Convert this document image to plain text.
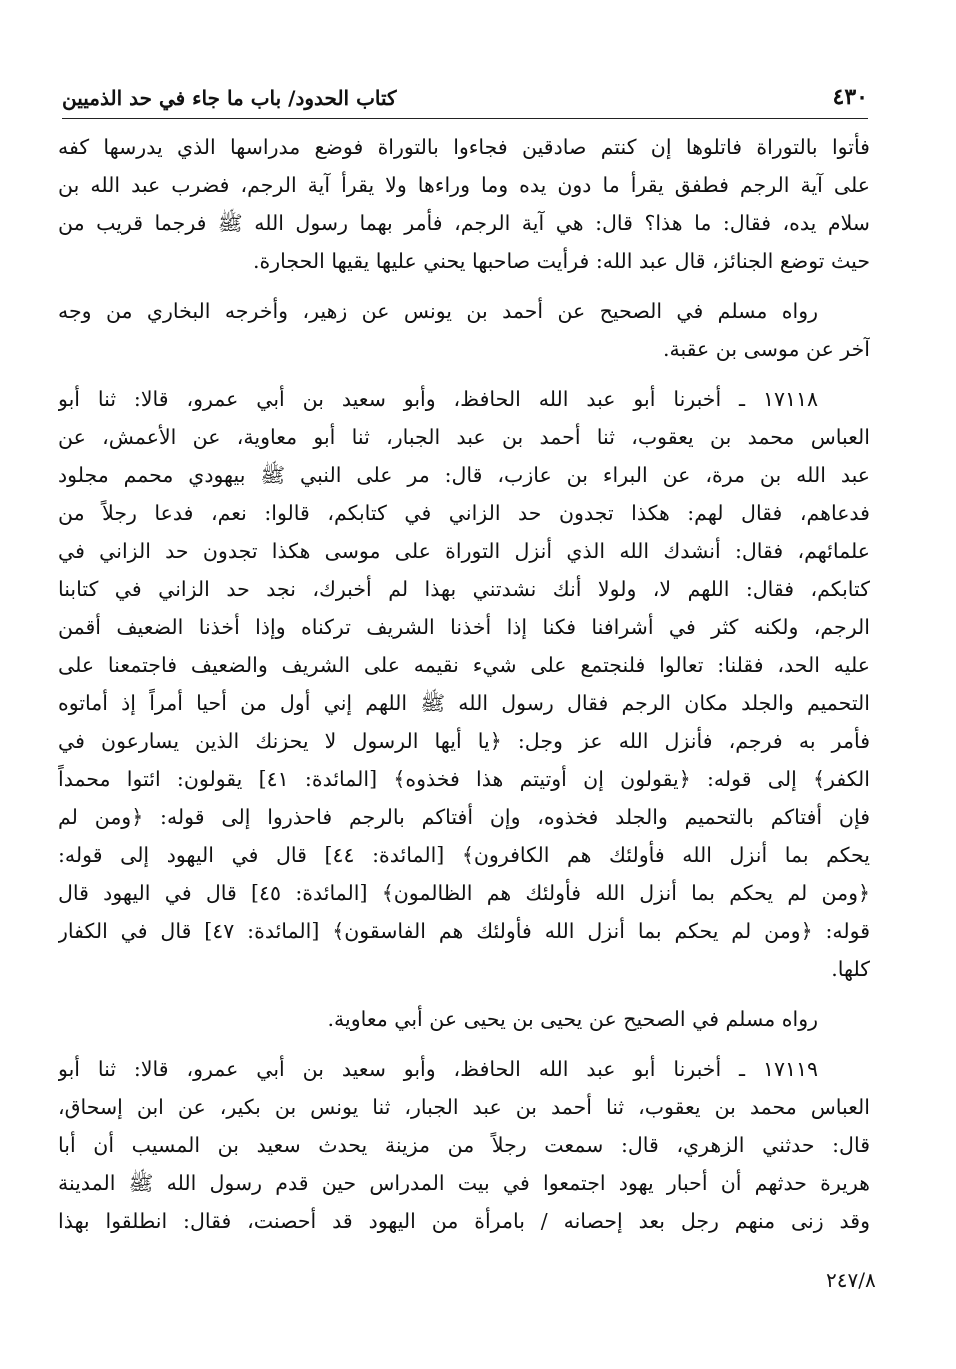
٤٣٠
كتاب الحدود/ باب ما جاء في حد الذميين

فأتوا بالتوراة فاتلوها إن كنتم صادقين فجاءوا بالتوراة فوضع مدراسها الذي يدرسها كفه
على آية الرجم فطفق يقرأ ما دون يده وما وراءها ولا يقرأ آية الرجم، فضرب عبد الله بن
سلام يده، فقال: ما هذا؟ قال: هي آية الرجم، فأمر بهما رسول الله ﷺ فرجما قريب من
حيث توضع الجنائز، قال عبد الله: فرأيت صاحبها يحني عليها يقيها الحجارة.

رواه مسلم في الصحيح عن أحمد بن يونس عن زهير، وأخرجه البخاري من وجه
آخر عن موسى بن عقبة.

١٧١١٨ ـ أخبرنا أبو عبد الله الحافظ، وأبو سعيد بن أبي عمرو، قالا: ثنا أبو
العباس محمد بن يعقوب، ثنا أحمد بن عبد الجبار، ثنا أبو معاوية، عن الأعمش، عن
عبد الله بن مرة، عن البراء بن عازب، قال: مر على النبي ﷺ بيهودي محمم مجلود
فدعاهم، فقال لهم: هكذا تجدون حد الزاني في كتابكم، قالوا: نعم، فدعا رجلاً من
علمائهم، فقال: أنشدك الله الذي أنزل التوراة على موسى هكذا تجدون حد الزاني في
كتابكم، فقال: اللهم لا، ولولا أنك نشدتني بهذا لم أخبرك، نجد حد الزاني في كتابنا
الرجم، ولكنه كثر في أشرافنا فكنا إذا أخذنا الشريف تركناه وإذا أخذنا الضعيف أقمن
عليه الحد، فقلنا: تعالوا فلنجتمع على شيء نقيمه على الشريف والضعيف فاجتمعنا على
التحميم والجلد مكان الرجم فقال رسول الله ﷺ اللهم إني أول من أحيا أمراً إذ أماتوه
فأمر به فرجم، فأنزل الله عز وجل: ﴿يا أيها الرسول لا يحزنك الذين يسارعون في
الكفر﴾ إلى قوله: ﴿يقولون إن أوتيتم هذا فخذوه﴾ [المائدة: ٤١] يقولون: ائتوا محمداً
فإن أفتاكم بالتحميم والجلد فخذوه، وإن أفتاكم بالرجم فاحذروا إلى قوله: ﴿ومن لم
يحكم بما أنزل الله فأولئك هم الكافرون﴾ [المائدة: ٤٤] قال في اليهود إلى قوله:
﴿ومن لم يحكم بما أنزل الله فأولئك هم الظالمون﴾ [المائدة: ٤٥] قال في اليهود قال
قوله: ﴿ومن لم يحكم بما أنزل الله فأولئك هم الفاسقون﴾ [المائدة: ٤٧] قال في الكفار
كلها.

رواه مسلم في الصحيح عن يحيى بن يحيى عن أبي معاوية.

١٧١١٩ ـ أخبرنا أبو عبد الله الحافظ، وأبو سعيد بن أبي عمرو، قالا: ثنا أبو
العباس محمد بن يعقوب، ثنا أحمد بن عبد الجبار، ثنا يونس بن بكير، عن ابن إسحاق،
قال: حدثني الزهري، قال: سمعت رجلاً من مزينة يحدث سعيد بن المسيب أن أبا
هريرة حدثهم أن أحبار يهود اجتمعوا في بيت المدراس حين قدم رسول الله ﷺ المدينة
وقد زنى منهم رجل بعد إحصانه / بامرأة من اليهود قد أحصنت، فقال: انطلقوا بهذا

٢٤٧/٨
